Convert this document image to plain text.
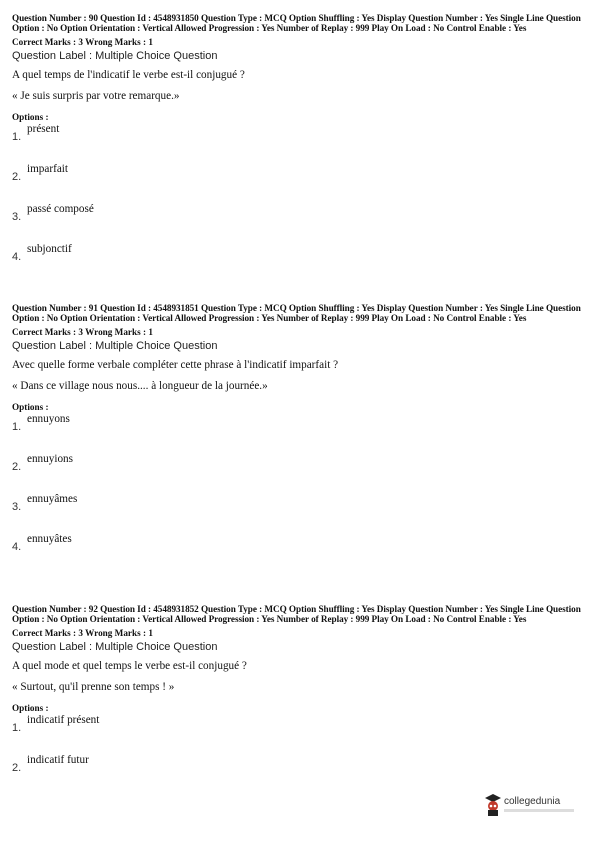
Question Number : 90 Question Id : 4548931850 Question Type : MCQ Option Shuffling : Yes Display Question Number : Yes Single Line Question Option : No Option Orientation : Vertical Allowed Progression : Yes Number of Replay : 999 Play On Load : No Control Enable : Yes
Correct Marks : 3 Wrong Marks : 1
Question Label : Multiple Choice Question
A quel temps de l'indicatif le verbe est-il conjugué ?
« Je suis surpris par votre remarque.»
Options :
1.
présent
2.
imparfait
3.
passé composé
4.
subjonctif
Question Number : 91 Question Id : 4548931851 Question Type : MCQ Option Shuffling : Yes Display Question Number : Yes Single Line Question Option : No Option Orientation : Vertical Allowed Progression : Yes Number of Replay : 999 Play On Load : No Control Enable : Yes
Correct Marks : 3 Wrong Marks : 1
Question Label : Multiple Choice Question
Avec quelle forme verbale compléter cette phrase à l'indicatif imparfait ?
« Dans ce village nous nous.... à longueur de la journée.»
Options :
1.
ennuyons
2.
ennuyions
3.
ennuyâmes
4.
ennuyâtes
Question Number : 92 Question Id : 4548931852 Question Type : MCQ Option Shuffling : Yes Display Question Number : Yes Single Line Question Option : No Option Orientation : Vertical Allowed Progression : Yes Number of Replay : 999 Play On Load : No Control Enable : Yes
Correct Marks : 3 Wrong Marks : 1
Question Label : Multiple Choice Question
A quel mode et quel temps le verbe est-il conjugué ?
« Surtout, qu'il prenne son temps ! »
Options :
1.
indicatif présent
2.
indicatif futur
collegedunia
